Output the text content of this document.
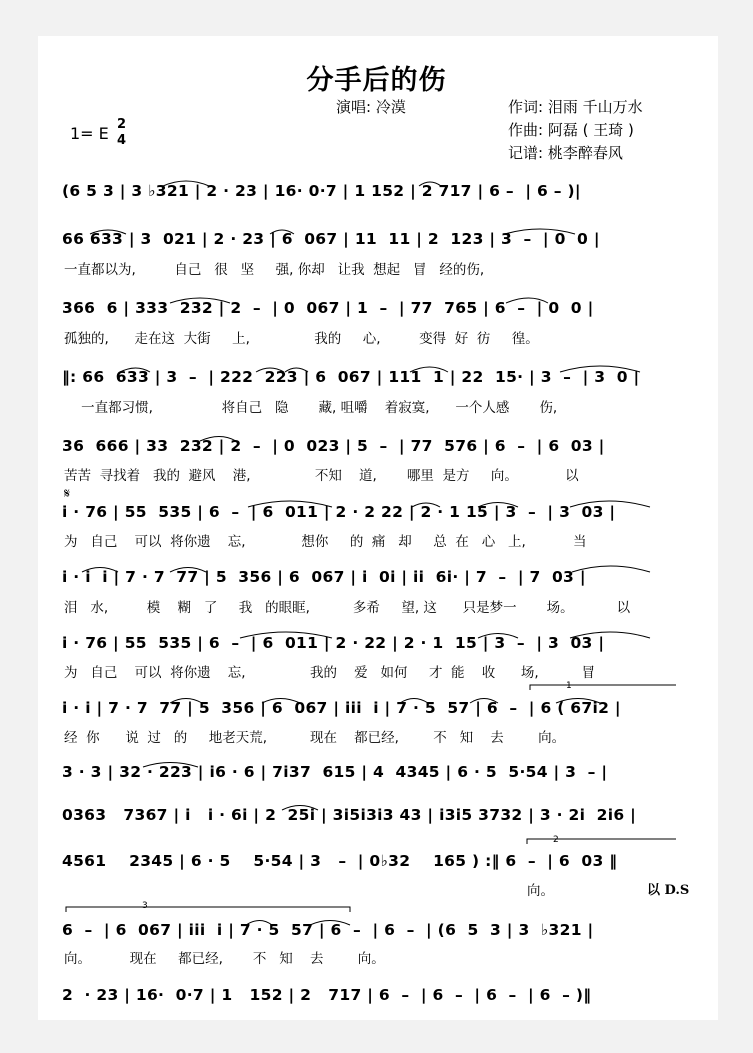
分手后的伤
演唱: 冷漠	作词: 泪雨 千山万水
作曲: 阿磊 ( 王琦 )
记谱: 桃李醉春风
1= E 2
4
(6 5 3 | 3 ♭321 | 2 · 23 | 16· 0·7 | 1 152 | 2 717 | 6 –  | 6 – )|
66 633 | 3  021 | 2 · 23 | 6  067 | 11  11 | 2  123 | 3  –  | 0  0 |
一直都以为,         自己   很   坚     强, 你却   让我  想起   冒   经的伤,
366  6 | 333  232 | 2  –  | 0  067 | 1  –  | 77  765 | 6  –  | 0  0 |
孤独的,      走在这  大街     上,               我的     心,         变得  好  彷     徨。
‖: 66  633 | 3  –  | 222  223 | 6  067 | 111  1 | 22  15· | 3  –  | 3  0 |
一直都习惯,                将自己   隐       藏, 咀嚼    着寂寞,      一个人感       伤,
36  666 | 33  232 | 2  –  | 0  023 | 5  –  | 77  576 | 6  –  | 6  03 |
苦苦  寻找着   我的  避风    港,               不知    道,       哪里  是方     向。           以
𝄋
i · 76 | 55  535 | 6  –  | 6  011 | 2 · 2 22 | 2 · 1 15 | 3  –  | 3  03 |
为   自己    可以  将你遗    忘,             想你     的  痛   却     总  在   心   上,           当
i · i  i | 7 · 7  77 | 5  356 | 6  067 | i  0i | ii  6i· | 7  –  | 7  03 |
泪   水,         模    糊   了     我   的眼眶,          多希     望, 这      只是梦一       场。          以
i · 76 | 55  535 | 6  –  | 6  011 | 2 · 22 | 2 · 1  15 | 3  –  | 3  03 |
为   自己    可以  将你遗    忘,               我的    爱   如何     才  能    收      场,          冒
1
i · i | 7 · 7  77 | 5  356 | 6  067 | iii  i | 7 · 5  57 | 6  –  | 6 ( 67i2 |
经  你      说  过   的     地老天荒,          现在    都已经,        不   知    去        向。
3 · 3 | 32 · 223 | i6 · 6 | 7i37  615 | 4  4345 | 6 · 5  5·54 | 3  – |
0363   7367 | i   i · 6i | 2  25i | 3i5i3i3 43 | i3i5 3732 | 3 · 2i  2i6 |
2
4561    2345 | 6 · 5    5·54 | 3   –  | 0♭32    165 ) :‖ 6  –  | 6  03 ‖
向。	以 D.S
3
6  –  | 6  067 | iii  i | 7 · 5  57 | 6  –  | 6  –  | (6  5  3 | 3  ♭321 |
向。         现在     都已经,       不   知    去        向。
2  · 23 | 16·  0·7 | 1   152 | 2   717 | 6  –  | 6  –  | 6  –  | 6  – )‖
